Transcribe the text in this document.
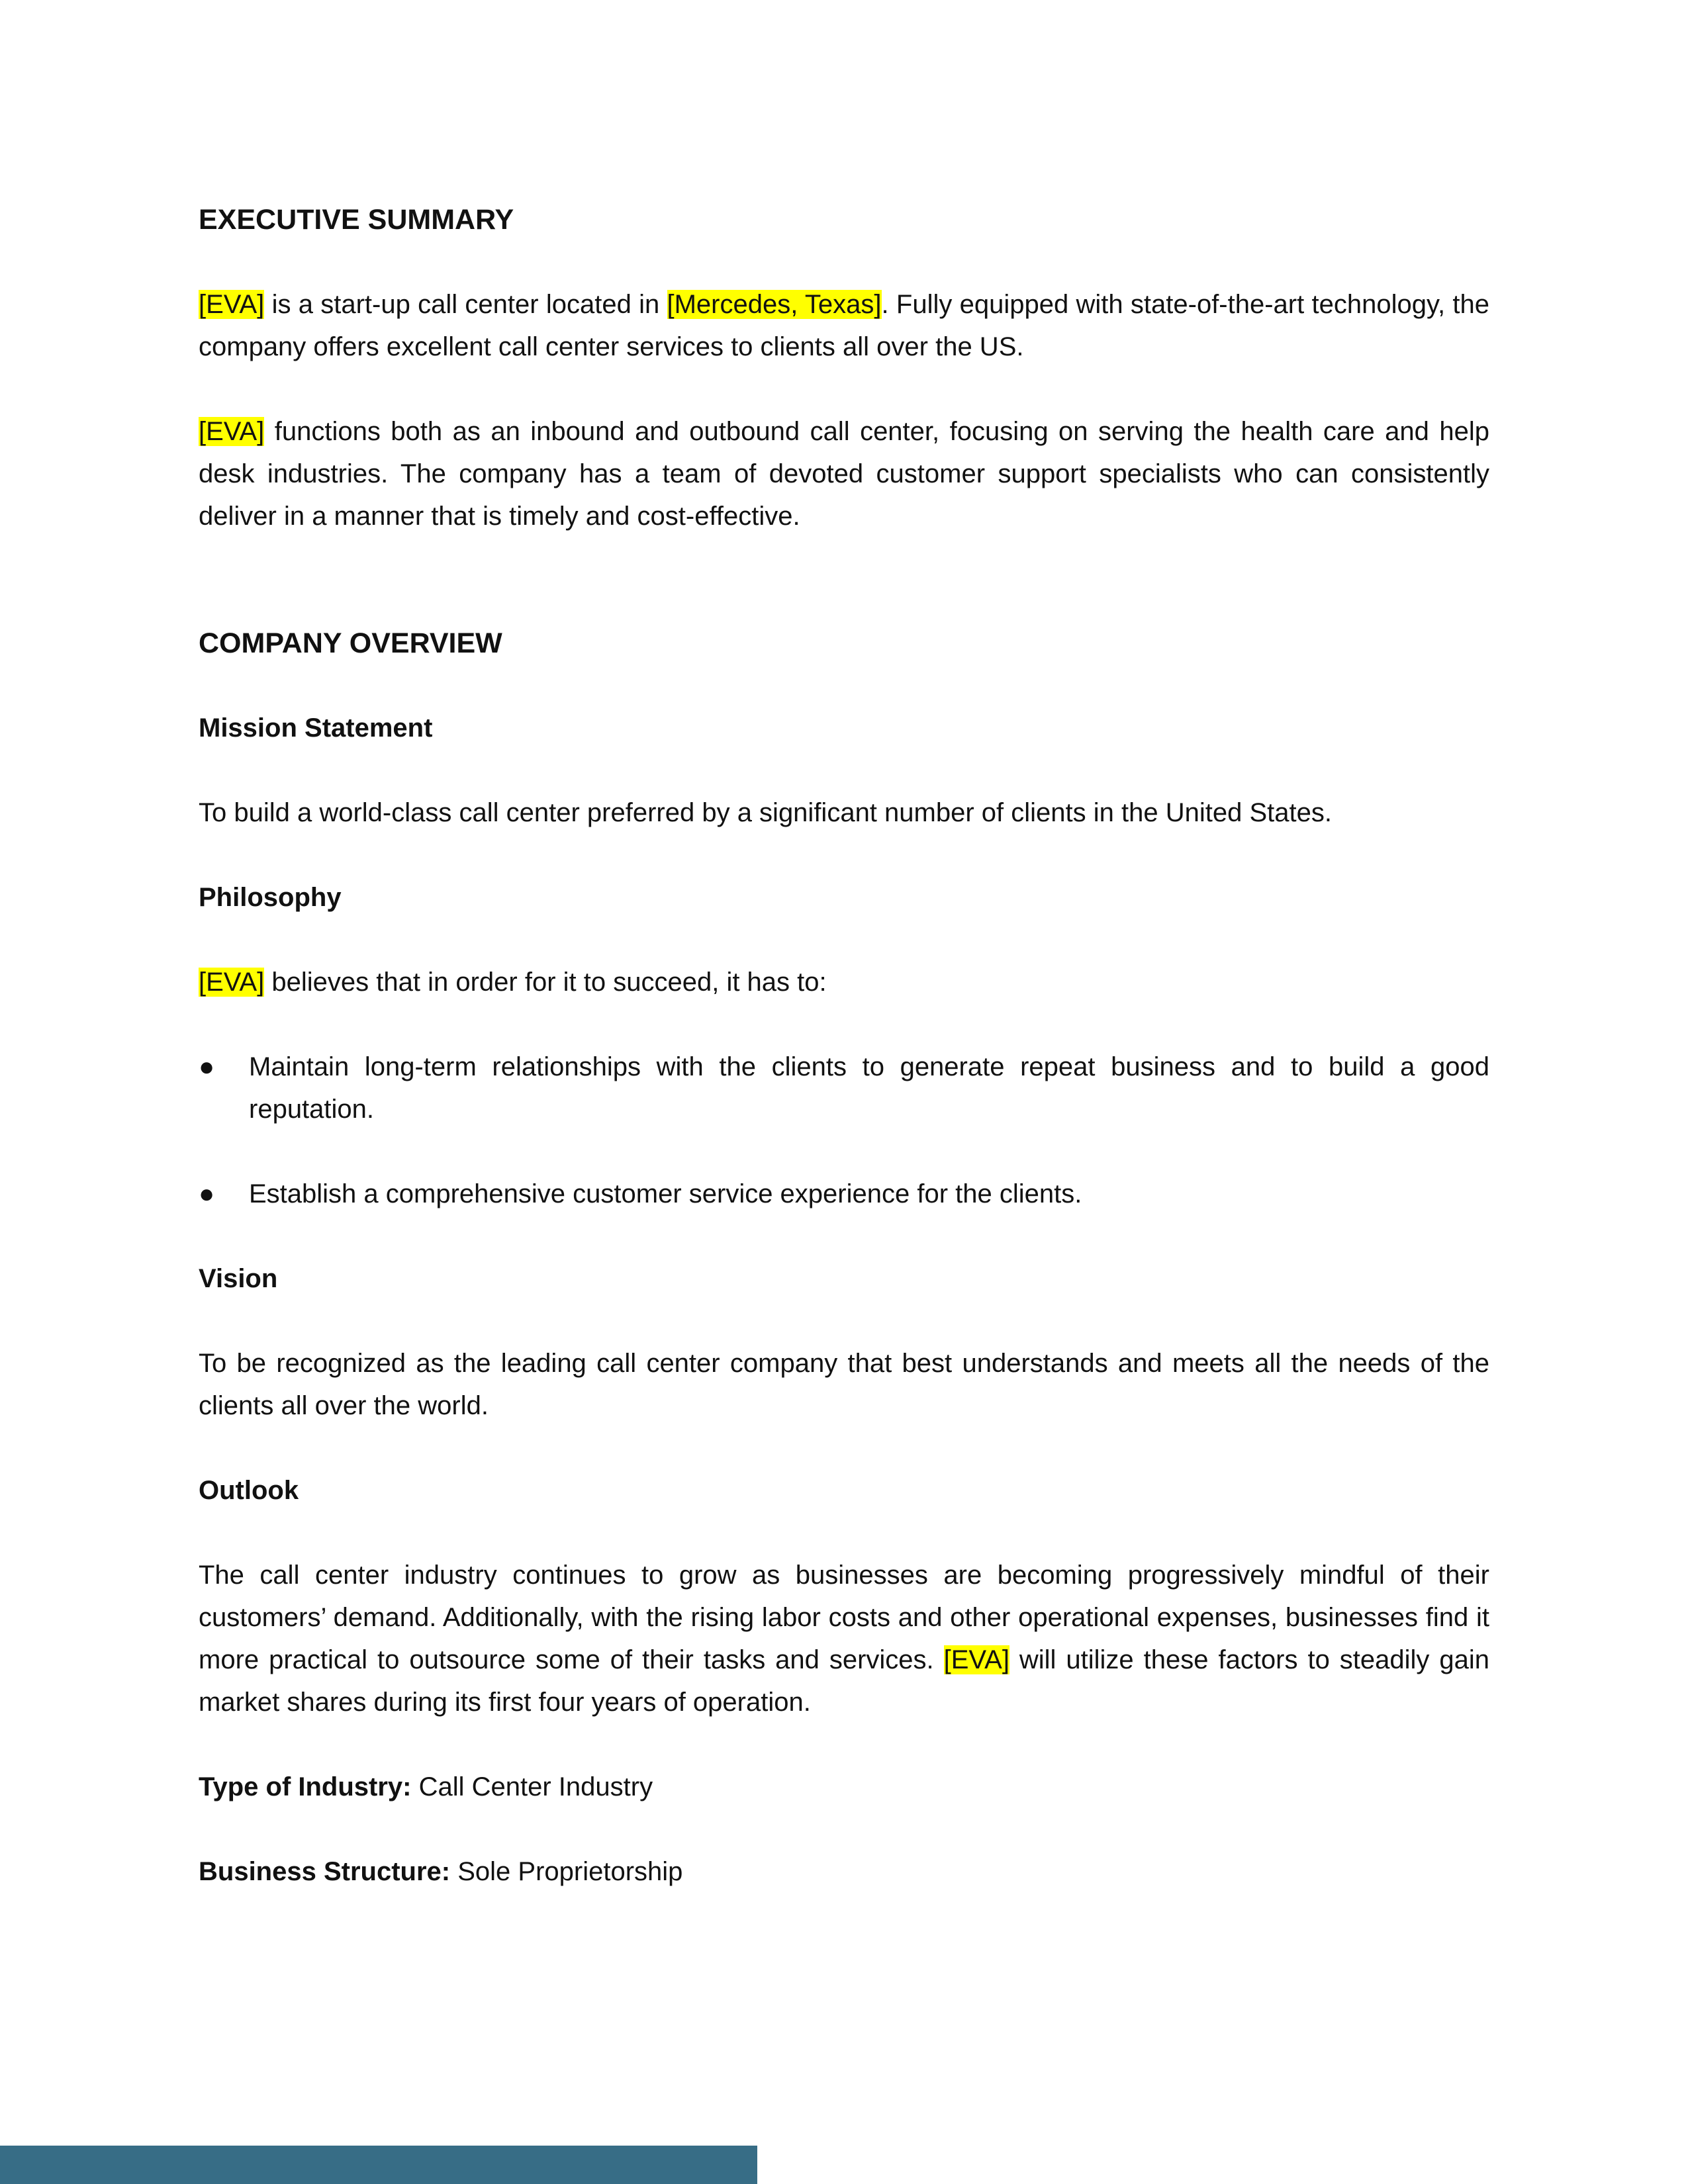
EXECUTIVE SUMMARY

[EVA] is a start-up call center located in [Mercedes, Texas]. Fully equipped with state-of-the-art technology, the company offers excellent call center services to clients all over the US.

[EVA] functions both as an inbound and outbound call center, focusing on serving the health care and help desk industries. The company has a team of devoted customer support specialists who can consistently deliver in a manner that is timely and cost-effective.

COMPANY OVERVIEW
Mission Statement

To build a world-class call center preferred by a significant number of clients in the United States.

Philosophy

[EVA] believes that in order for it to succeed, it has to:

●	Maintain long-term relationships with the clients to generate repeat business and to build a good reputation.
●	Establish a comprehensive customer service experience for the clients.
Vision

To be recognized as the leading call center company that best understands and meets all the needs of the clients all over the world.

Outlook

The call center industry continues to grow as businesses are becoming progressively mindful of their customers’ demand. Additionally, with the rising labor costs and other operational expenses, businesses find it more practical to outsource some of their tasks and services. [EVA] will utilize these factors to steadily gain market shares during its first four years of operation.

Type of Industry: Call Center Industry

Business Structure: Sole Proprietorship
